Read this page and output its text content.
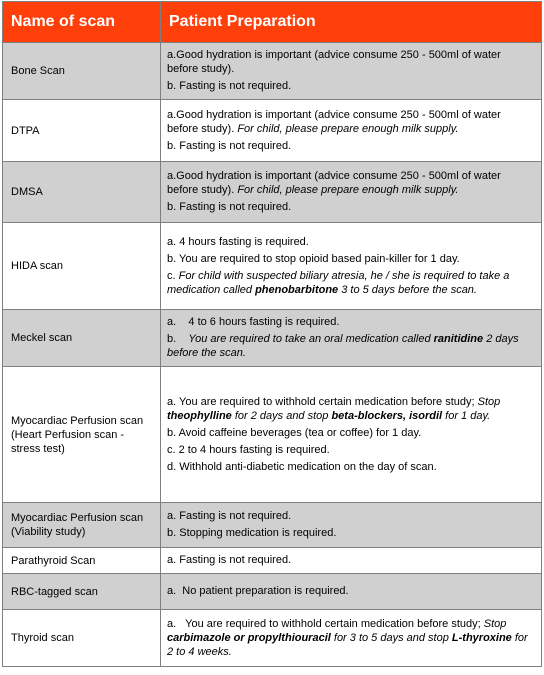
Name of scan	Patient Preparation
Bone Scan	a.Good hydration is important (advice consume 250 - 500ml of water before study).
b. Fasting is not required.

DTPA	a.Good hydration is important (advice consume 250 - 500ml of water before study). For child, please prepare enough milk supply.
b. Fasting is not required.

DMSA	a.Good hydration is important (advice consume 250 - 500ml of water before study). For child, please prepare enough milk supply.
b. Fasting is not required.

HIDA scan	a. 4 hours fasting is required.
b. You are required to stop opioid based pain-killer for 1 day.
c. For child with suspected biliary atresia, he / she is required to take a medication called phenobarbitone 3 to 5 days before the scan.

Meckel scan	a.    4 to 6 hours fasting is required.
b.    You are required to take an oral medication called ranitidine 2 days before the scan.

Myocardiac Perfusion scan (Heart Perfusion scan - stress test)	a. You are required to withhold certain medication before study; Stop theophylline for 2 days and stop beta-blockers, isordil for 1 day.
b. Avoid caffeine beverages (tea or coffee) for 1 day.
c. 2 to 4 hours fasting is required.
d. Withhold anti-diabetic medication on the day of scan.

Myocardiac Perfusion scan (Viability study)	a. Fasting is not required.
b. Stopping medication is required.

Parathyroid Scan	a. Fasting is not required.

RBC-tagged scan	a.  No patient preparation is required.

Thyroid scan	a.   You are required to withhold certain medication before study; Stop carbimazole or propylthiouracil for 3 to 5 days and stop L-thyroxine for 2 to 4 weeks.
